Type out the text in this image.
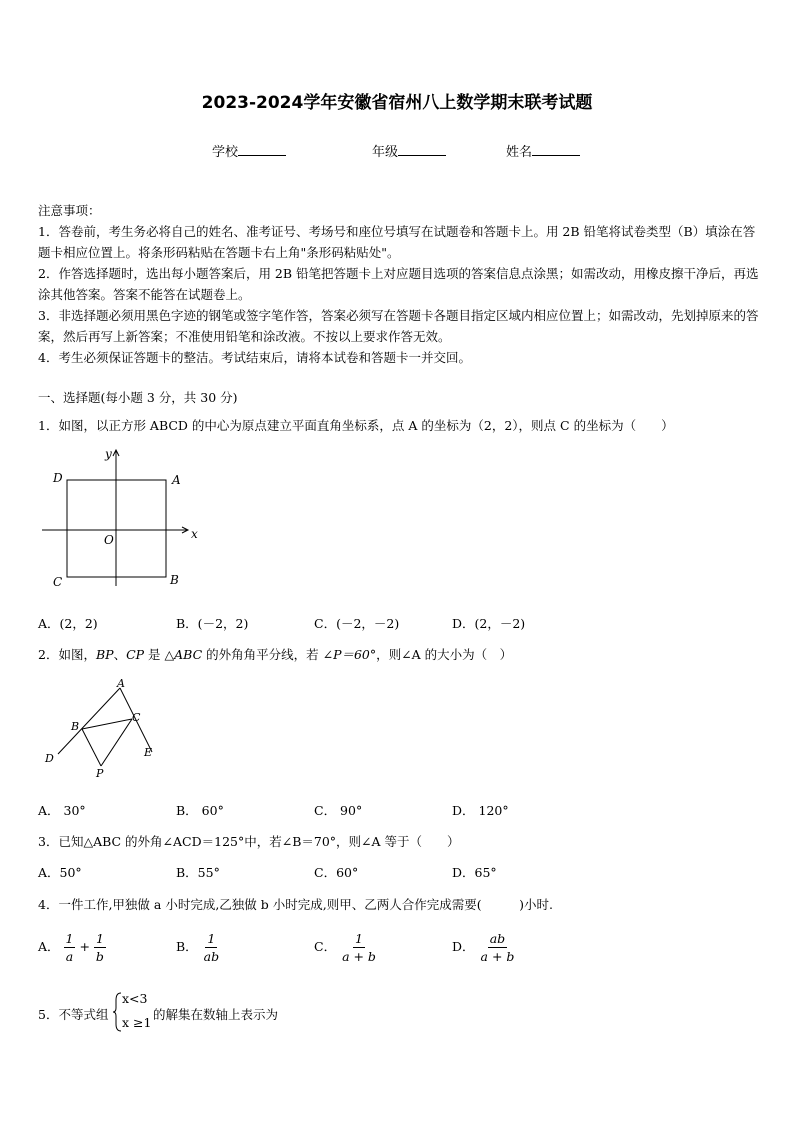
2023-2024学年安徽省宿州八上数学期末联考试题
学校	年级	姓名

注意事项：

1．答卷前，考生务必将自己的姓名、准考证号、考场号和座位号填写在试题卷和答题卡上。用 2B 铅笔将试卷类型（B）填涂在答题卡相应位置上。将条形码粘贴在答题卡右上角"条形码粘贴处"。

2．作答选择题时，选出每小题答案后，用 2B 铅笔把答题卡上对应题目选项的答案信息点涂黑；如需改动，用橡皮擦干净后，再选涂其他答案。答案不能答在试题卷上。

3．非选择题必须用黑色字迹的钢笔或签字笔作答，答案必须写在答题卡各题目指定区域内相应位置上；如需改动，先划掉原来的答案，然后再写上新答案；不准使用铅笔和涂改液。不按以上要求作答无效。

4．考生必须保证答题卡的整洁。考试结束后，请将本试卷和答题卡一并交回。

一、选择题(每小题 3 分，共 30 分)
1．如图，以正方形 ABCD 的中心为原点建立平面直角坐标系，点 A 的坐标为（2，2），则点 C 的坐标为（　　）
y
x
O
A
B
C
D
A．(2，2)	B．(－2，2)	C．(－2，－2)	D．(2，－2)
2．如图，BP、CP 是 △ABC 的外角角平分线，若 ∠P＝60°，则∠A 的大小为（　）
A
B
C
D	E
P
A． 30°	B． 60°	C． 90°	D． 120°
3．已知△ABC 的外角∠ACD＝125°中，若∠B＝70°，则∠A 等于（　　）
A．50°	B．55°	C．60°	D．65°
4．一件工作,甲独做 a 小时完成,乙独做 b 小时完成,则甲、乙两人合作完成需要(　　　)小时.
A． $\frac{1}{a} + \frac{1}{b}$	B． $\frac{1}{ab}$	C． $\frac{1}{a + b}$	D． $\frac{ab}{a + b}$
5．不等式组
x<3
x ≥1
的解集在数轴上表示为
